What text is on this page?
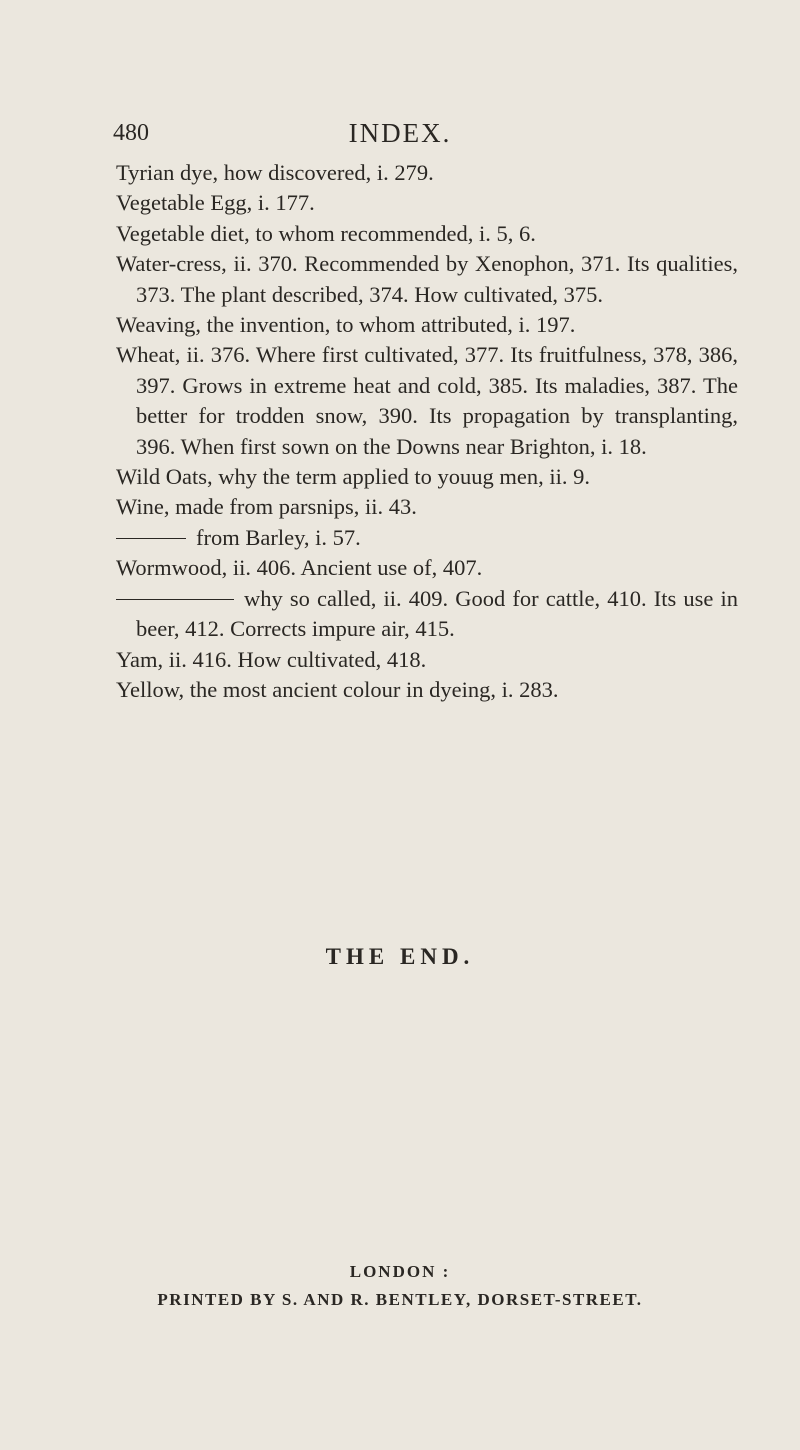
480	INDEX.
Tyrian dye, how discovered, i. 279.
Vegetable Egg, i. 177.
Vegetable diet, to whom recommended, i. 5, 6.
Water-cress, ii. 370. Recommended by Xenophon, 371. Its qualities, 373. The plant described, 374. How cultivated, 375.
Weaving, the invention, to whom attributed, i. 197.
Wheat, ii. 376. Where first cultivated, 377. Its fruitfulness, 378, 386, 397. Grows in extreme heat and cold, 385. Its maladies, 387. The better for trodden snow, 390. Its propagation by transplanting, 396. When first sown on the Downs near Brighton, i. 18.
Wild Oats, why the term applied to youug men, ii. 9.
Wine, made from parsnips, ii. 43.
from Barley, i. 57.
Wormwood, ii. 406. Ancient use of, 407.
why so called, ii. 409. Good for cattle, 410. Its use in beer, 412. Corrects impure air, 415.
Yam, ii. 416. How cultivated, 418.
Yellow, the most ancient colour in dyeing, i. 283.
THE END.
LONDON :
PRINTED BY S. AND R. BENTLEY, DORSET-STREET.
